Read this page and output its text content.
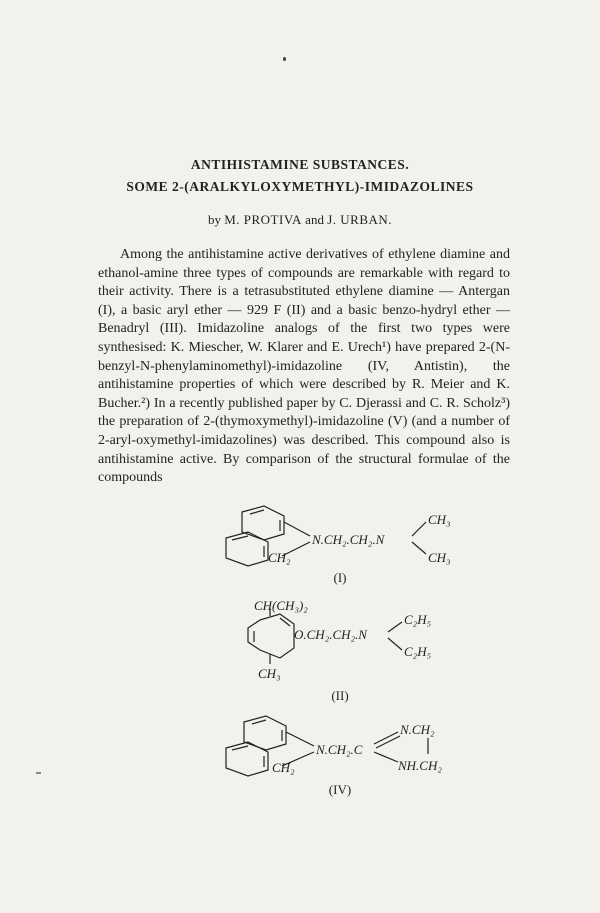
ANTIHISTAMINE SUBSTANCES.
SOME 2-(ARALKYLOXYMETHYL)-IMIDAZOLINES
by M. PROTIVA and J. URBAN.

Among the antihistamine active derivatives of ethylene diamine and ethanol-amine three types of compounds are remarkable with regard to their activity. There is a tetrasubstituted ethylene diamine — Antergan (I), a basic aryl ether — 929 F (II) and a basic benzo-hydryl ether — Benadryl (III). Imidazoline analogs of the first two types were synthesised: K. Miescher, W. Klarer and E. Urech¹) have prepared 2-(N-benzyl-N-phenylaminomethyl)-imidazoline (IV, Antistin), the antihistamine properties of which were described by R. Meier and K. Bucher.²) In a recently published paper by C. Djerassi and C. R. Scholz³) the preparation of 2-(thymoxymethyl)-imidazoline (V) (and a number of 2-aryl-oxymethyl-imidazolines) was described. This compound also is antihistamine active. By comparison of the structural formulae of the compounds

N.CH₂.CH₂.N
CH₃
CH₃
CH₂
(I)
CH(CH₃)₂
O.CH₂.CH₂.N
C₂H₅
C₂H₅
CH₃
(II)
N.CH₂.C
N.CH₂
NH.CH₂
CH₂
(IV)
